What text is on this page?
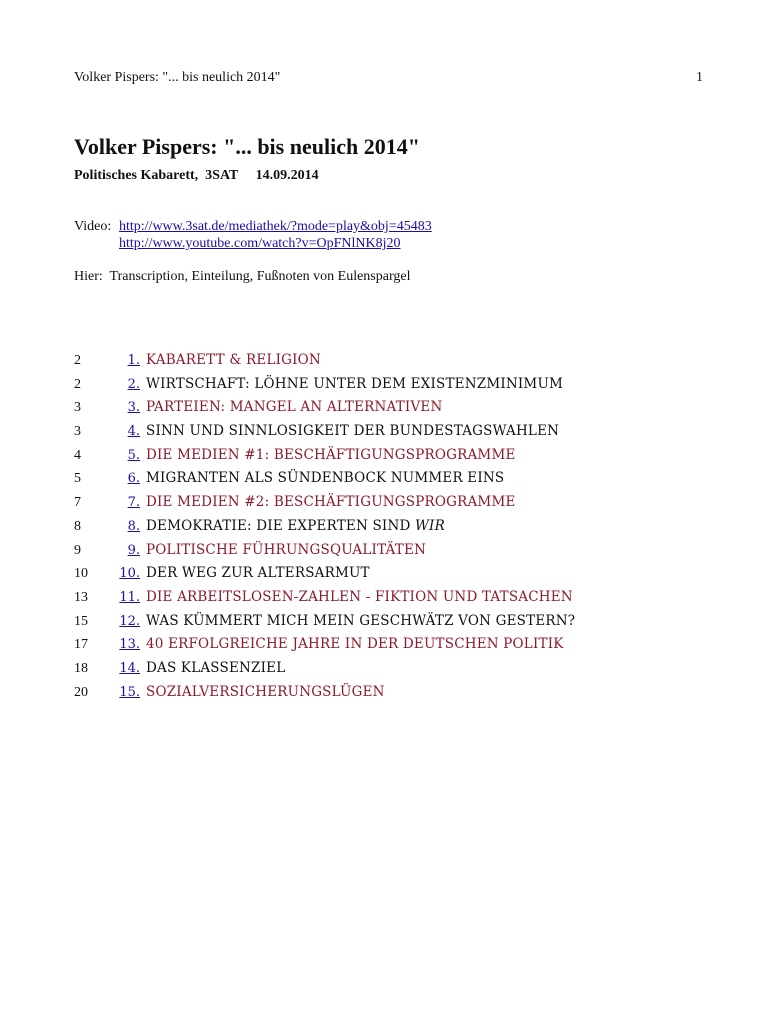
Volker Pispers: "... bis neulich 2014"	1
Volker Pispers: "... bis neulich 2014"
Politisches Kabarett,  3SAT     14.09.2014
Video: http://www.3sat.de/mediathek/?mode=play&obj=45483
http://www.youtube.com/watch?v=OpFNlNK8j20
Hier:  Transcription, Einteilung, Fußnoten von Eulenspargel
2	1. KABARETT & RELIGION
2	2. WIRTSCHAFT: LÖHNE UNTER DEM EXISTENZMINIMUM
3	3. PARTEIEN: MANGEL AN ALTERNATIVEN
3	4. SINN UND SINNLOSIGKEIT DER BUNDESTAGSWAHLEN
4	5. DIE MEDIEN #1: BESCHÄFTIGUNGSPROGRAMME
5	6. MIGRANTEN ALS SÜNDENBOCK NUMMER EINS
7	7. DIE MEDIEN #2: BESCHÄFTIGUNGSPROGRAMME
8	8. DEMOKRATIE: DIE EXPERTEN SIND WIR
9	9. POLITISCHE FÜHRUNGSQUALITÄTEN
10 10. DER WEG ZUR ALTERSARMUT
13 11. DIE ARBEITSLOSEN-ZAHLEN - FIKTION UND TATSACHEN
15 12. WAS KÜMMERT MICH MEIN GESCHWÄTZ VON GESTERN?
17 13. 40 ERFOLGREICHE JAHRE IN DER DEUTSCHEN POLITIK
18 14. DAS KLASSENZIEL
20 15. SOZIALVERSICHERUNGSLÜGEN
